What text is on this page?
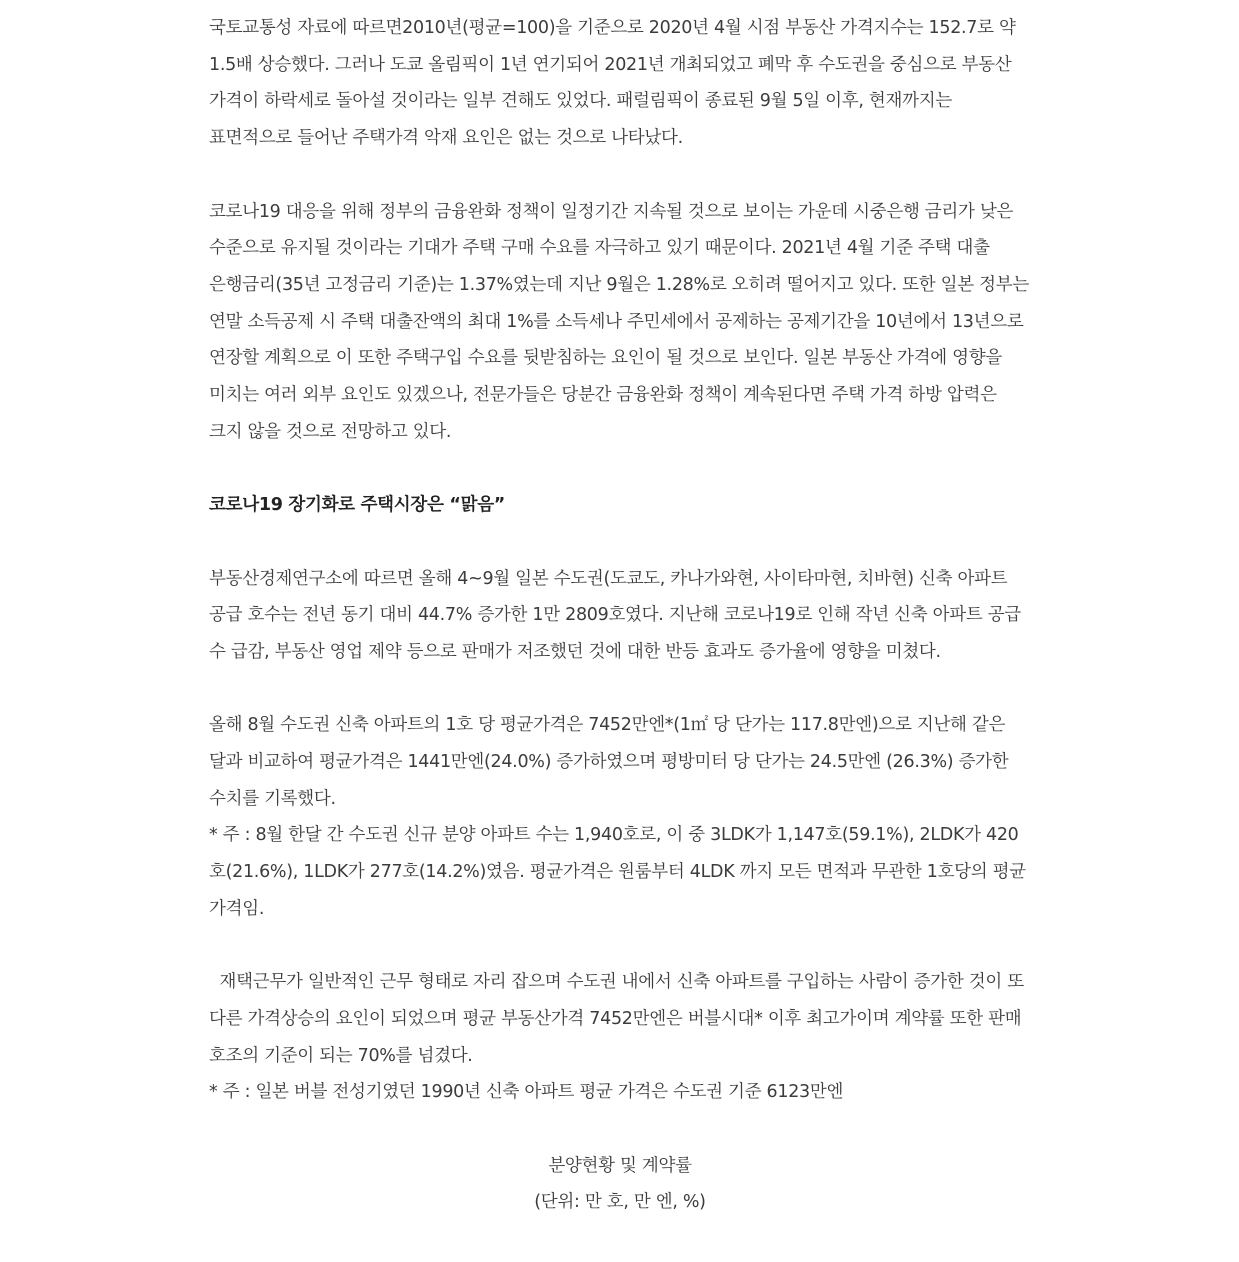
국토교통성 자료에 따르면2010년(평균=100)을 기준으로 2020년 4월 시점 부동산 가격지수는 152.7로 약 1.5배 상승했다. 그러나 도쿄 올림픽이 1년 연기되어 2021년 개최되었고 폐막 후 수도권을 중심으로 부동산 가격이 하락세로 돌아설 것이라는 일부 견해도 있었다. 패럴림픽이 종료된 9월 5일 이후, 현재까지는 표면적으로 들어난 주택가격 악재 요인은 없는 것으로 나타났다.

코로나19 대응을 위해 정부의 금융완화 정책이 일정기간 지속될 것으로 보이는 가운데 시중은행 금리가 낮은 수준으로 유지될 것이라는 기대가 주택 구매 수요를 자극하고 있기 때문이다. 2021년 4월 기준 주택 대출 은행금리(35년 고정금리 기준)는 1.37%였는데 지난 9월은 1.28%로 오히려 떨어지고 있다. 또한 일본 정부는 연말 소득공제 시 주택 대출잔액의 최대 1%를 소득세나 주민세에서 공제하는 공제기간을 10년에서 13년으로 연장할 계획으로 이 또한 주택구입 수요를 뒷받침하는 요인이 될 것으로 보인다. 일본 부동산 가격에 영향을 미치는 여러 외부 요인도 있겠으나, 전문가들은 당분간 금융완화 정책이 계속된다면 주택 가격 하방 압력은 크지 않을 것으로 전망하고 있다.

코로나19 장기화로 주택시장은 “맑음”

부동산경제연구소에 따르면 올해 4~9월 일본 수도권(도쿄도, 카나가와현, 사이타마현, 치바현) 신축 아파트 공급 호수는 전년 동기 대비 44.7% 증가한 1만 2809호였다. 지난해 코로나19로 인해 작년 신축 아파트 공급 수 급감, 부동산 영업 제약 등으로 판매가 저조했던 것에 대한 반등 효과도 증가율에 영향을 미쳤다.

올해 8월 수도권 신축 아파트의 1호 당 평균가격은 7452만엔*(1㎡ 당 단가는 117.8만엔)으로 지난해 같은 달과 비교하여 평균가격은 1441만엔(24.0%) 증가하였으며 평방미터 당 단가는 24.5만엔 (26.3%) 증가한 수치를 기록했다.

* 주 : 8월 한달 간 수도권 신규 분양 아파트 수는 1,940호로, 이 중 3LDK가 1,147호(59.1%), 2LDK가 420호(21.6%), 1LDK가 277호(14.2%)였음. 평균가격은 원룸부터 4LDK 까지 모든 면적과 무관한 1호당의 평균 가격임.

재택근무가 일반적인 근무 형태로 자리 잡으며 수도권 내에서 신축 아파트를 구입하는 사람이 증가한 것이 또 다른 가격상승의 요인이 되었으며 평균 부동산가격 7452만엔은 버블시대* 이후 최고가이며 계약률 또한 판매 호조의 기준이 되는 70%를 넘겼다.

* 주 : 일본 버블 전성기였던 1990년 신축 아파트 평균 가격은 수도권 기준 6123만엔

분양현황 및 계약률

(단위: 만 호, 만 엔, %)
